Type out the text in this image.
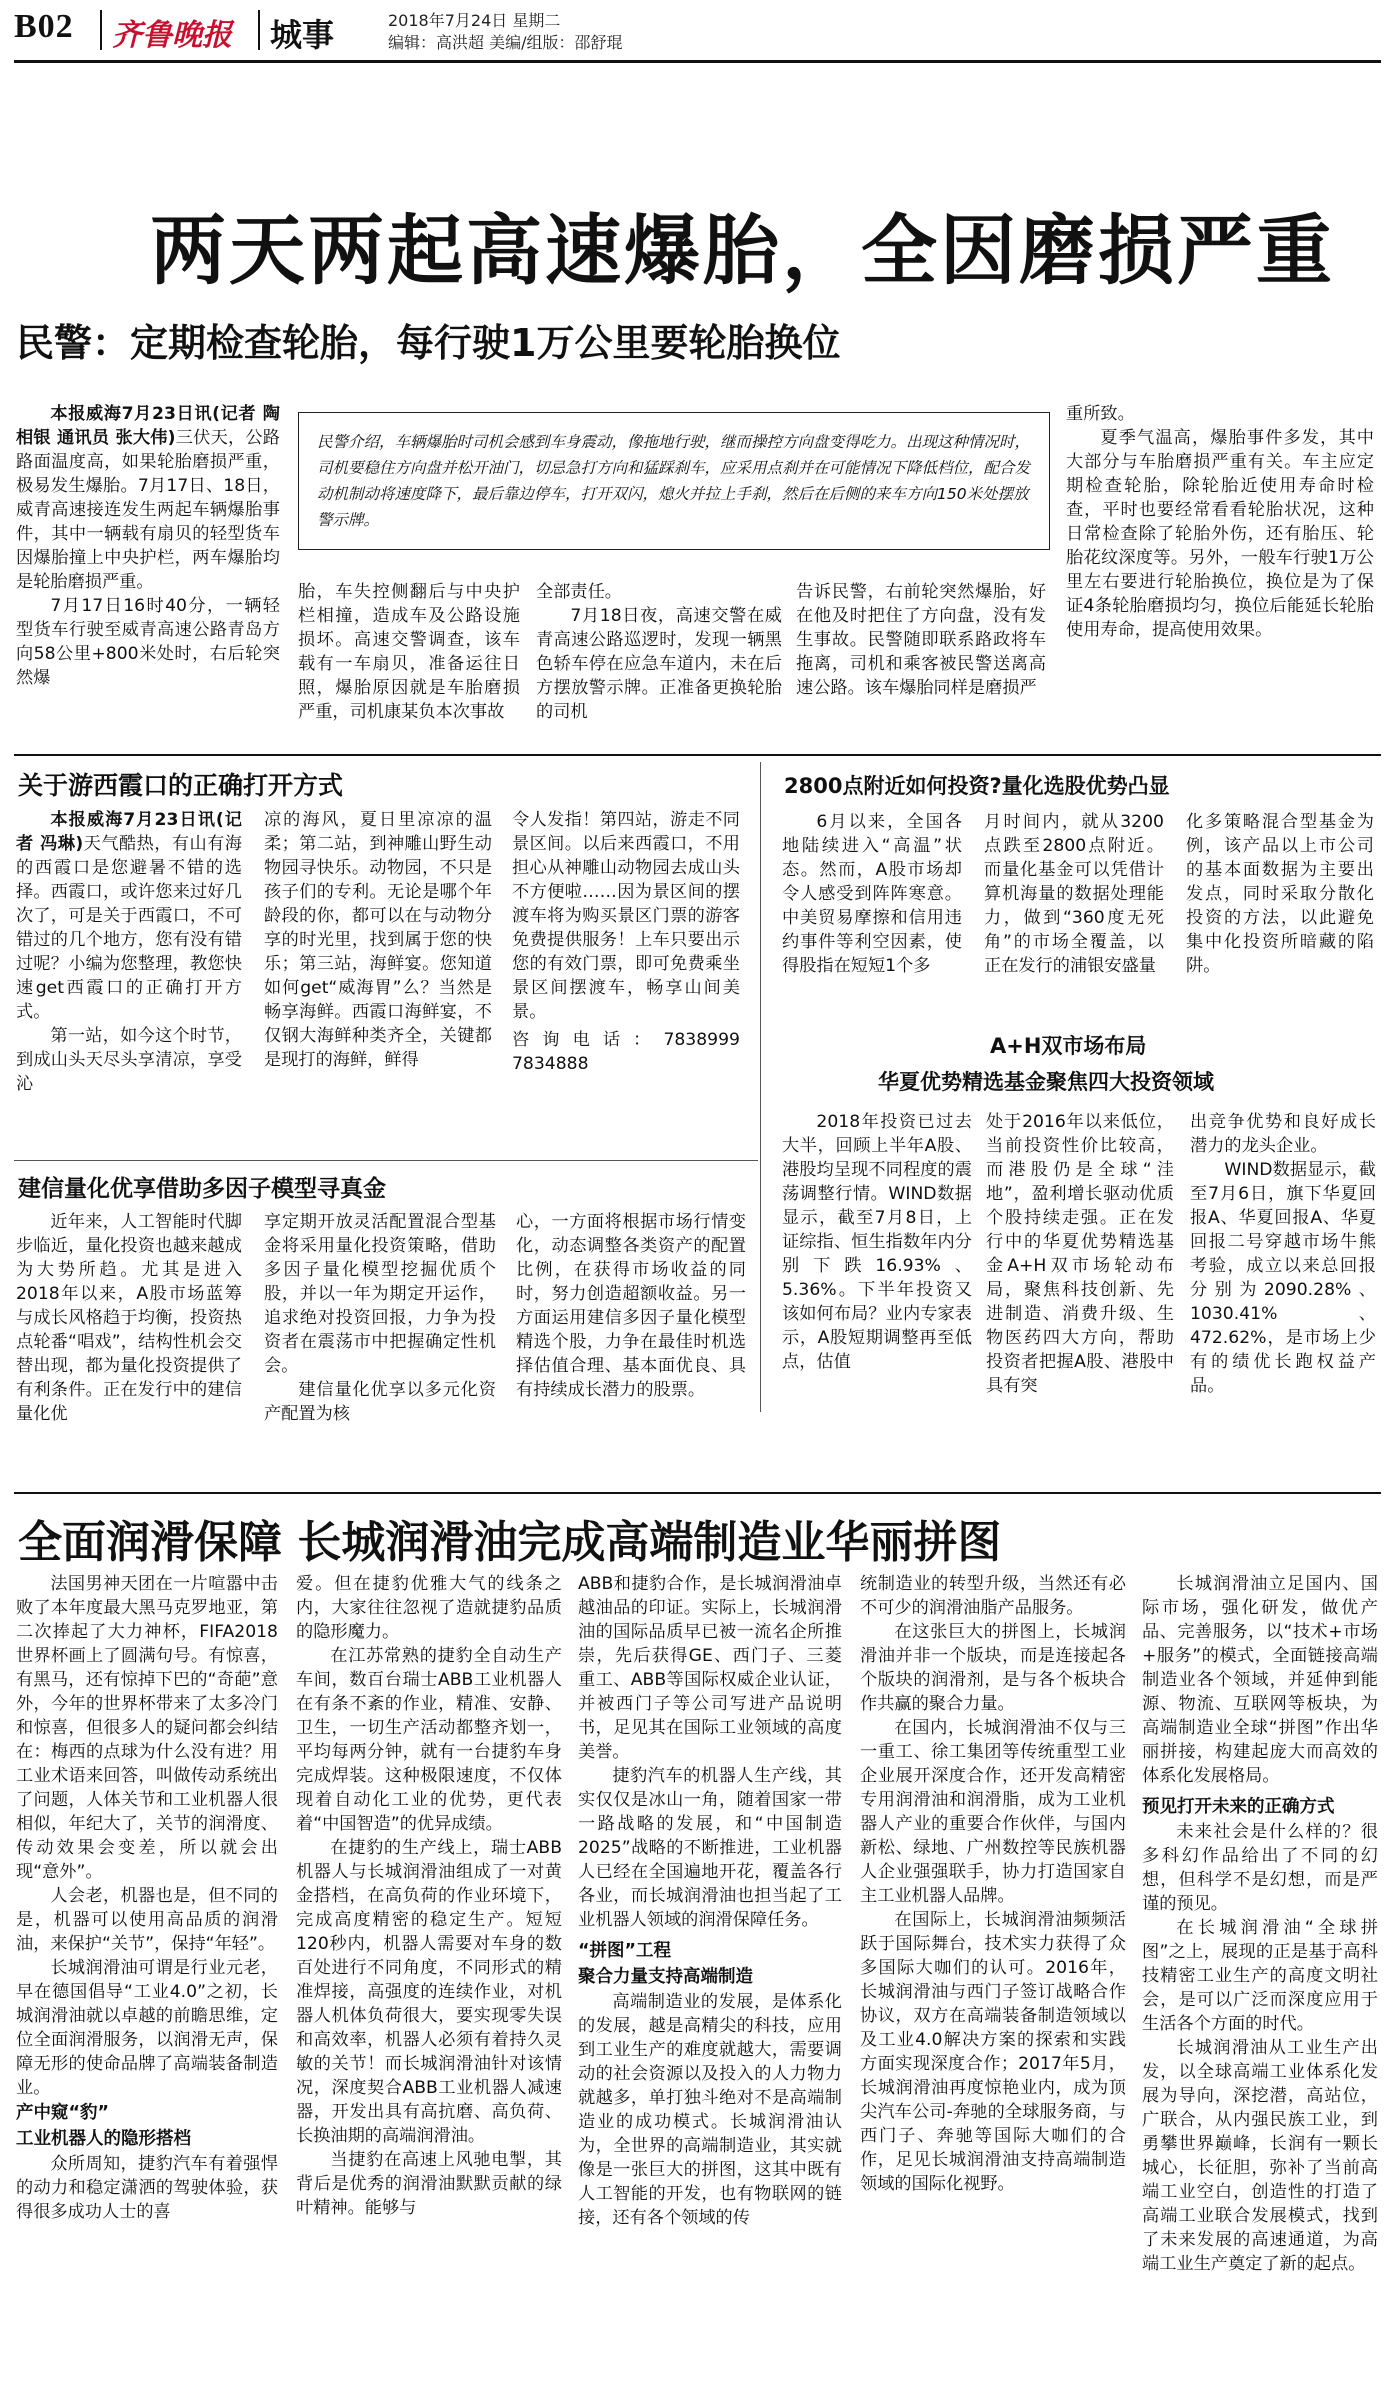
B02 齐鲁晚报 城事	2018年7月24日 星期二
编辑：高洪超 美编/组版：邵舒琨
两天两起高速爆胎，全因磨损严重
民警：定期检查轮胎，每行驶1万公里要轮胎换位
民警介绍，车辆爆胎时司机会感到车身震动，像拖地行驶，继而操控方向盘变得吃力。出现这种情况时，司机要稳住方向盘并松开油门，切忌急打方向和猛踩刹车，应采用点刹并在可能情况下降低档位，配合发动机制动将速度降下，最后靠边停车，打开双闪，熄火并拉上手刹，然后在后侧的来车方向150米处摆放警示牌。

本报威海7月23日讯(记者 陶相银 通讯员 张大伟)三伏天，公路路面温度高，如果轮胎磨损严重，极易发生爆胎。7月17日、18日，威青高速接连发生两起车辆爆胎事件，其中一辆载有扇贝的轻型货车因爆胎撞上中央护栏，两车爆胎均是轮胎磨损严重。

7月17日16时40分，一辆轻型货车行驶至威青高速公路青岛方向58公里+800米处时，右后轮突然爆

胎，车失控侧翻后与中央护栏相撞，造成车及公路设施损坏。高速交警调查，该车载有一车扇贝，准备运往日照，爆胎原因就是车胎磨损严重，司机康某负本次事故

全部责任。

7月18日夜，高速交警在威青高速公路巡逻时，发现一辆黑色轿车停在应急车道内，未在后方摆放警示牌。正准备更换轮胎的司机

告诉民警，右前轮突然爆胎，好在他及时把住了方向盘，没有发生事故。民警随即联系路政将车拖离，司机和乘客被民警送离高速公路。该车爆胎同样是磨损严

重所致。

夏季气温高，爆胎事件多发，其中大部分与车胎磨损严重有关。车主应定期检查轮胎，除轮胎近使用寿命时检查，平时也要经常看看轮胎状况，这种日常检查除了轮胎外伤，还有胎压、轮胎花纹深度等。另外，一般车行驶1万公里左右要进行轮胎换位，换位是为了保证4条轮胎磨损均匀，换位后能延长轮胎使用寿命，提高使用效果。

关于游西霞口的正确打开方式

本报威海7月23日讯(记者 冯琳)天气酷热，有山有海的西霞口是您避暑不错的选择。西霞口，或许您来过好几次了，可是关于西霞口，不可错过的几个地方，您有没有错过呢？小编为您整理，教您快速get西霞口的正确打开方式。

第一站，如今这个时节，到成山头天尽头享清凉，享受沁

凉的海风，夏日里凉凉的温柔；第二站，到神雕山野生动物园寻快乐。动物园，不只是孩子们的专利。无论是哪个年龄段的你，都可以在与动物分享的时光里，找到属于您的快乐；第三站，海鲜宴。您知道如何get“威海胃”么？当然是畅享海鲜。西霞口海鲜宴，不仅钢大海鲜种类齐全，关键都是现打的海鲜，鲜得

令人发指！第四站，游走不同景区间。以后来西霞口，不用担心从神雕山动物园去成山头不方便啦……因为景区间的摆渡车将为购买景区门票的游客免费提供服务！上车只要出示您的有效门票，即可免费乘坐景区间摆渡车，畅享山间美景。

咨询电话：7838999 7834888

建信量化优享借助多因子模型寻真金

近年来，人工智能时代脚步临近，量化投资也越来越成为大势所趋。尤其是进入2018年以来，A股市场蓝筹与成长风格趋于均衡，投资热点轮番“唱戏”，结构性机会交替出现，都为量化投资提供了有利条件。正在发行中的建信量化优

享定期开放灵活配置混合型基金将采用量化投资策略，借助多因子量化模型挖掘优质个股，并以一年为期定开运作，追求绝对投资回报，力争为投资者在震荡市中把握确定性机会。

建信量化优享以多元化资产配置为核

心，一方面将根据市场行情变化，动态调整各类资产的配置比例，在获得市场收益的同时，努力创造超额收益。另一方面运用建信多因子量化模型精选个股，力争在最佳时机选择估值合理、基本面优良、具有持续成长潜力的股票。

2800点附近如何投资?量化选股优势凸显

6月以来，全国各地陆续进入“高温”状态。然而，A股市场却令人感受到阵阵寒意。中美贸易摩擦和信用违约事件等利空因素，使得股指在短短1个多

月时间内，就从3200点跌至2800点附近。而量化基金可以凭借计算机海量的数据处理能力，做到“360度无死角”的市场全覆盖，以正在发行的浦银安盛量

化多策略混合型基金为例，该产品以上市公司的基本面数据为主要出发点，同时采取分散化投资的方法，以此避免集中化投资所暗藏的陷阱。

A+H双市场布局
华夏优势精选基金聚焦四大投资领域

2018年投资已过去大半，回顾上半年A股、港股均呈现不同程度的震荡调整行情。WIND数据显示，截至7月8日，上证综指、恒生指数年内分别下跌16.93%、5.36%。下半年投资又该如何布局？业内专家表示，A股短期调整再至低点，估值

处于2016年以来低位，当前投资性价比较高，而港股仍是全球“洼地”，盈利增长驱动优质个股持续走强。正在发行中的华夏优势精选基金A+H双市场轮动布局，聚焦科技创新、先进制造、消费升级、生物医药四大方向，帮助投资者把握A股、港股中具有突

出竞争优势和良好成长潜力的龙头企业。

WIND数据显示，截至7月6日，旗下华夏回报A、华夏回报A、华夏回报二号穿越市场牛熊考验，成立以来总回报分别为2090.28%、1030.41%、472.62%，是市场上少有的绩优长跑权益产品。

全面润滑保障 长城润滑油完成高端制造业华丽拼图

法国男神天团在一片喧嚣中击败了本年度最大黑马克罗地亚，第二次捧起了大力神杯，FIFA2018世界杯画上了圆满句号。有惊喜，有黑马，还有惊掉下巴的“奇葩”意外，今年的世界杯带来了太多冷门和惊喜，但很多人的疑问都会纠结在：梅西的点球为什么没有进？用工业术语来回答，叫做传动系统出了问题，人体关节和工业机器人很相似，年纪大了，关节的润滑度、传动效果会变差，所以就会出现“意外”。

人会老，机器也是，但不同的是，机器可以使用高品质的润滑油，来保护“关节”，保持“年轻”。

长城润滑油可谓是行业元老，早在德国倡导“工业4.0”之初，长城润滑油就以卓越的前瞻思维，定位全面润滑服务，以润滑无声，保障无形的使命品牌了高端装备制造业。

产中窥“豹”
工业机器人的隐形搭档

众所周知，捷豹汽车有着强悍的动力和稳定潇洒的驾驶体验，获得很多成功人士的喜

爱。但在捷豹优雅大气的线条之内，大家往往忽视了造就捷豹品质的隐形魔力。

在江苏常熟的捷豹全自动生产车间，数百台瑞士ABB工业机器人在有条不紊的作业，精准、安静、卫生，一切生产活动都整齐划一，平均每两分钟，就有一台捷豹车身完成焊装。这种极限速度，不仅体现着自动化工业的优势，更代表着“中国智造”的优异成绩。

在捷豹的生产线上，瑞士ABB机器人与长城润滑油组成了一对黄金搭档，在高负荷的作业环境下，完成高度精密的稳定生产。短短120秒内，机器人需要对车身的数百处进行不同角度，不同形式的精准焊接，高强度的连续作业，对机器人机体负荷很大，要实现零失误和高效率，机器人必须有着持久灵敏的关节！而长城润滑油针对该情况，深度契合ABB工业机器人减速器，开发出具有高抗磨、高负荷、长换油期的高端润滑油。

当捷豹在高速上风驰电掣，其背后是优秀的润滑油默默贡献的绿叶精神。能够与

ABB和捷豹合作，是长城润滑油卓越油品的印证。实际上，长城润滑油的国际品质早已被一流名企所推崇，先后获得GE、西门子、三菱重工、ABB等国际权威企业认证，并被西门子等公司写进产品说明书，足见其在国际工业领域的高度美誉。

捷豹汽车的机器人生产线，其实仅仅是冰山一角，随着国家一带一路战略的发展，和“中国制造2025”战略的不断推进，工业机器人已经在全国遍地开花，覆盖各行各业，而长城润滑油也担当起了工业机器人领域的润滑保障任务。

“拼图”工程
聚合力量支持高端制造

高端制造业的发展，是体系化的发展，越是高精尖的科技，应用到工业生产的难度就越大，需要调动的社会资源以及投入的人力物力就越多，单打独斗绝对不是高端制造业的成功模式。长城润滑油认为，全世界的高端制造业，其实就像是一张巨大的拼图，这其中既有人工智能的开发，也有物联网的链接，还有各个领域的传

统制造业的转型升级，当然还有必不可少的润滑油脂产品服务。

在这张巨大的拼图上，长城润滑油并非一个版块，而是连接起各个版块的润滑剂，是与各个板块合作共赢的聚合力量。

在国内，长城润滑油不仅与三一重工、徐工集团等传统重型工业企业展开深度合作，还开发高精密专用润滑油和润滑脂，成为工业机器人产业的重要合作伙伴，与国内新松、绿地、广州数控等民族机器人企业强强联手，协力打造国家自主工业机器人品牌。

在国际上，长城润滑油频频活跃于国际舞台，技术实力获得了众多国际大咖们的认可。2016年，长城润滑油与西门子签订战略合作协议，双方在高端装备制造领域以及工业4.0解决方案的探索和实践方面实现深度合作；2017年5月，长城润滑油再度惊艳业内，成为顶尖汽车公司-奔驰的全球服务商，与西门子、奔驰等国际大咖们的合作，足见长城润滑油支持高端制造领域的国际化视野。

长城润滑油立足国内、国际市场，强化研发，做优产品、完善服务，以“技术+市场+服务”的模式，全面链接高端制造业各个领域，并延伸到能源、物流、互联网等板块，为高端制造业全球“拼图”作出华丽拼接，构建起庞大而高效的体系化发展格局。

预见打开未来的正确方式

未来社会是什么样的？很多科幻作品给出了不同的幻想，但科学不是幻想，而是严谨的预见。

在长城润滑油“全球拼图”之上，展现的正是基于高科技精密工业生产的高度文明社会，是可以广泛而深度应用于生活各个方面的时代。

长城润滑油从工业生产出发，以全球高端工业体系化发展为导向，深挖潜，高站位，广联合，从内强民族工业，到勇攀世界巅峰，长润有一颗长城心，长征胆，弥补了当前高端工业空白，创造性的打造了高端工业联合发展模式，找到了未来发展的高速通道，为高端工业生产奠定了新的起点。
